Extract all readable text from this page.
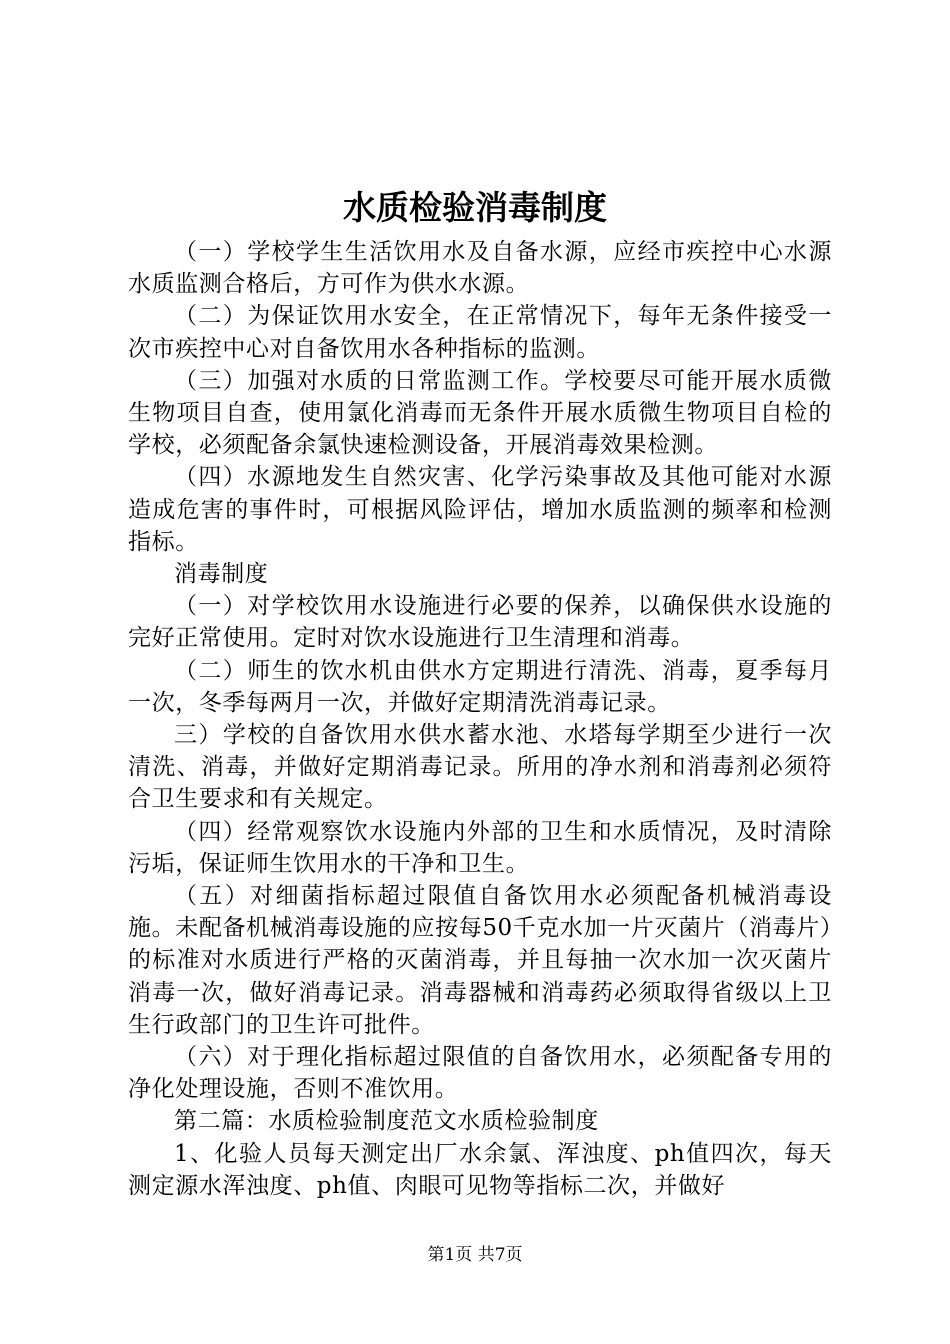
水质检验消毒制度

（一）学校学生生活饮用水及自备水源，应经市疾控中心水源水质监测合格后，方可作为供水水源。

（二）为保证饮用水安全，在正常情况下，每年无条件接受一次市疾控中心对自备饮用水各种指标的监测。

（三）加强对水质的日常监测工作。学校要尽可能开展水质微生物项目自查，使用氯化消毒而无条件开展水质微生物项目自检的学校，必须配备余氯快速检测设备，开展消毒效果检测。

（四）水源地发生自然灾害、化学污染事故及其他可能对水源造成危害的事件时，可根据风险评估，增加水质监测的频率和检测指标。

消毒制度

（一）对学校饮用水设施进行必要的保养，以确保供水设施的完好正常使用。定时对饮水设施进行卫生清理和消毒。

（二）师生的饮水机由供水方定期进行清洗、消毒，夏季每月一次，冬季每两月一次，并做好定期清洗消毒记录。

三）学校的自备饮用水供水蓄水池、水塔每学期至少进行一次清洗、消毒，并做好定期消毒记录。所用的净水剂和消毒剂必须符合卫生要求和有关规定。

（四）经常观察饮水设施内外部的卫生和水质情况，及时清除污垢，保证师生饮用水的干净和卫生。

（五）对细菌指标超过限值自备饮用水必须配备机械消毒设施。未配备机械消毒设施的应按每50千克水加一片灭菌片（消毒片）的标准对水质进行严格的灭菌消毒，并且每抽一次水加一次灭菌片消毒一次，做好消毒记录。消毒器械和消毒药必须取得省级以上卫生行政部门的卫生许可批件。

（六）对于理化指标超过限值的自备饮用水，必须配备专用的净化处理设施，否则不准饮用。

第二篇：水质检验制度范文水质检验制度

1、化验人员每天测定出厂水余氯、浑浊度、ph值四次，每天测定源水浑浊度、ph值、肉眼可见物等指标二次，并做好

第1页 共7页
